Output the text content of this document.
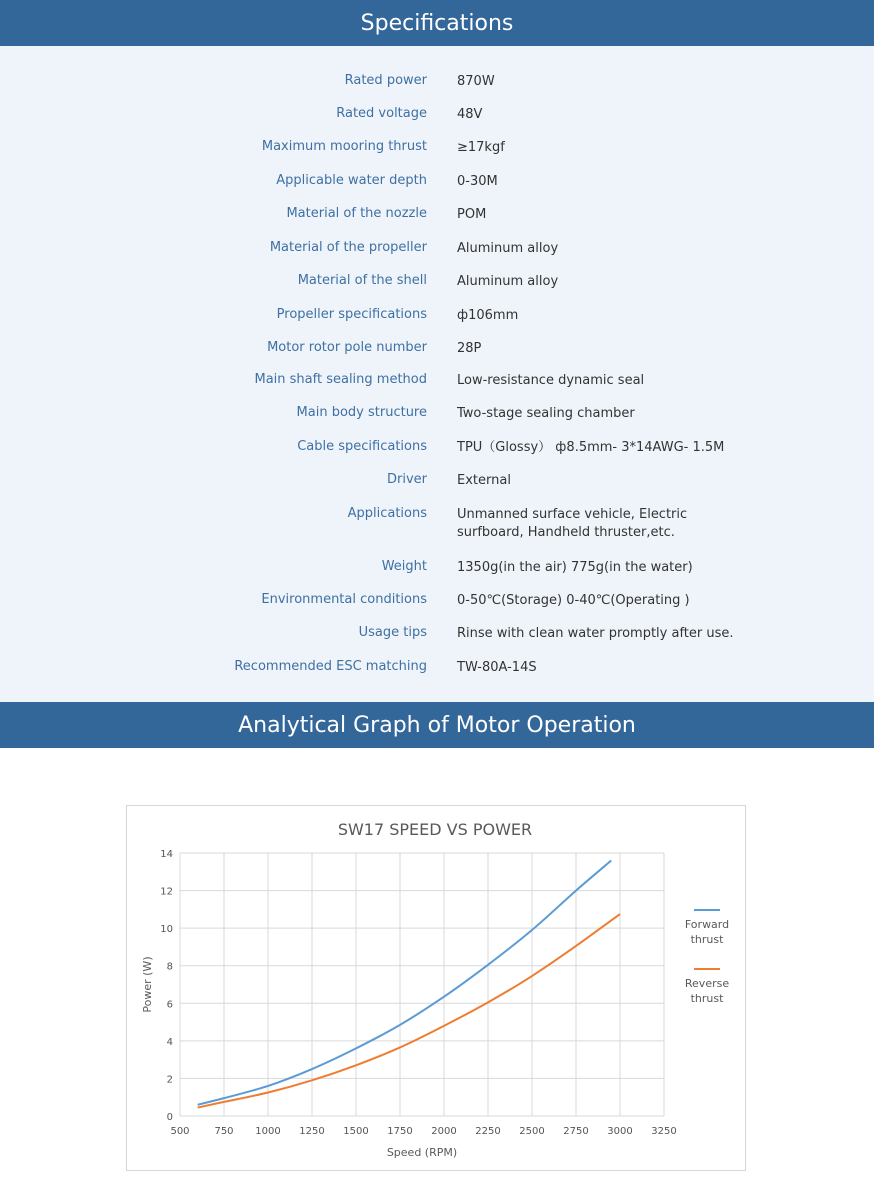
Specifications
Rated power 870W
Rated voltage 48V
Maximum mooring thrust ≥17kgf
Applicable water depth 0-30M
Material of the nozzle POM
Material of the propeller Aluminum alloy
Material of the shell Aluminum alloy
Propeller specifications ф106mm
Motor rotor pole number 28P
Main shaft sealing method Low-resistance dynamic seal
Main body structure Two-stage sealing chamber
Cable specifications TPU（Glossy） ф8.5mm- 3*14AWG- 1.5M
Driver External
Applications Unmanned surface vehicle, Electric surfboard, Handheld thruster,etc.
Weight 1350g(in the air) 775g(in the water)
Environmental conditions 0-50℃(Storage) 0-40℃(Operating )
Usage tips Rinse with clean water promptly after use.
Recommended ESC matching TW-80A-14S
Analytical Graph of Motor Operation
500 750 1000 1250 1500 1750 2000 2250 2500 2750 3000 3250
0
2
4
6
8
10
12
14
SW17 SPEED VS POWER
Speed (RPM)
Power (W)
Forward thrust
Reverse thrust
